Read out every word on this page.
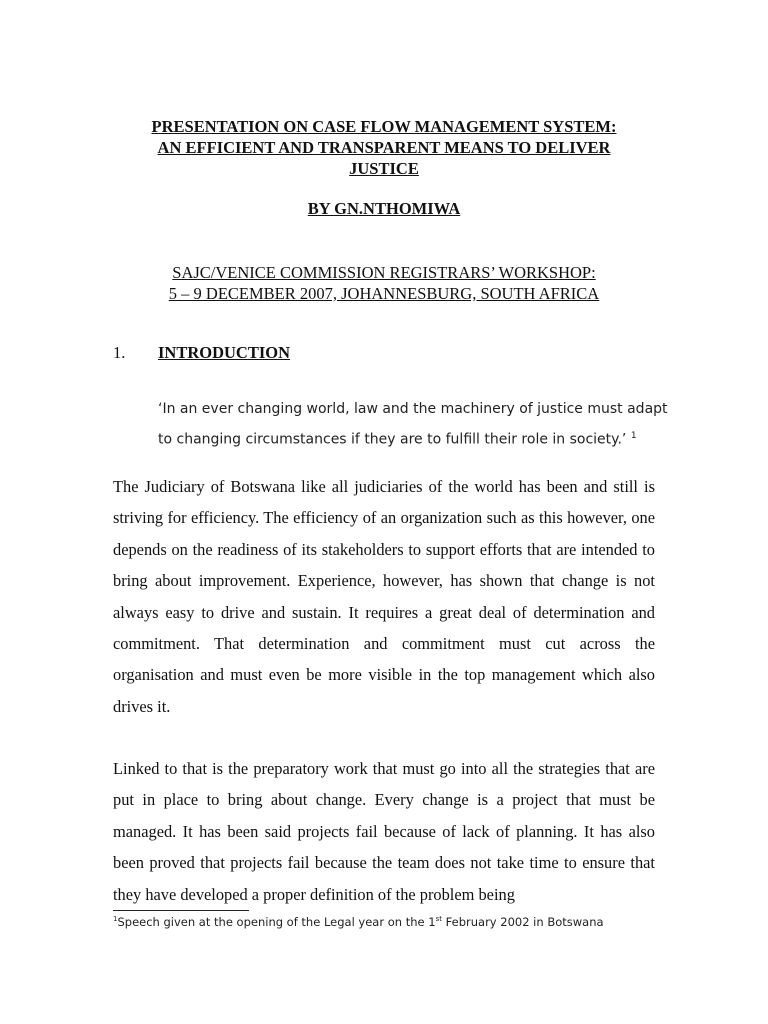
PRESENTATION ON CASE FLOW MANAGEMENT SYSTEM:
AN EFFICIENT AND TRANSPARENT MEANS TO DELIVER
JUSTICE
BY GN.NTHOMIWA
SAJC/VENICE COMMISSION REGISTRARS’ WORKSHOP:
5 – 9 DECEMBER 2007, JOHANNESBURG, SOUTH AFRICA
1. INTRODUCTION
‘In an ever changing world, law and the machinery of justice must adapt to changing circumstances if they are to fulfill their role in society.’ $^1$
The Judiciary of Botswana like all judiciaries of the world has been and still is striving for efficiency. The efficiency of an organization such as this however, one depends on the readiness of its stakeholders to support efforts that are intended to bring about improvement. Experience, however, has shown that change is not always easy to drive and sustain. It requires a great deal of determination and commitment. That determination and commitment must cut across the organisation and must even be more visible in the top management which also drives it.
Linked to that is the preparatory work that must go into all the strategies that are put in place to bring about change. Every change is a project that must be managed. It has been said projects fail because of lack of planning. It has also been proved that projects fail because the team does not take time to ensure that they have developed a proper definition of the problem being
$^1$Speech given at the opening of the Legal year on the 1st February 2002 in Botswana
